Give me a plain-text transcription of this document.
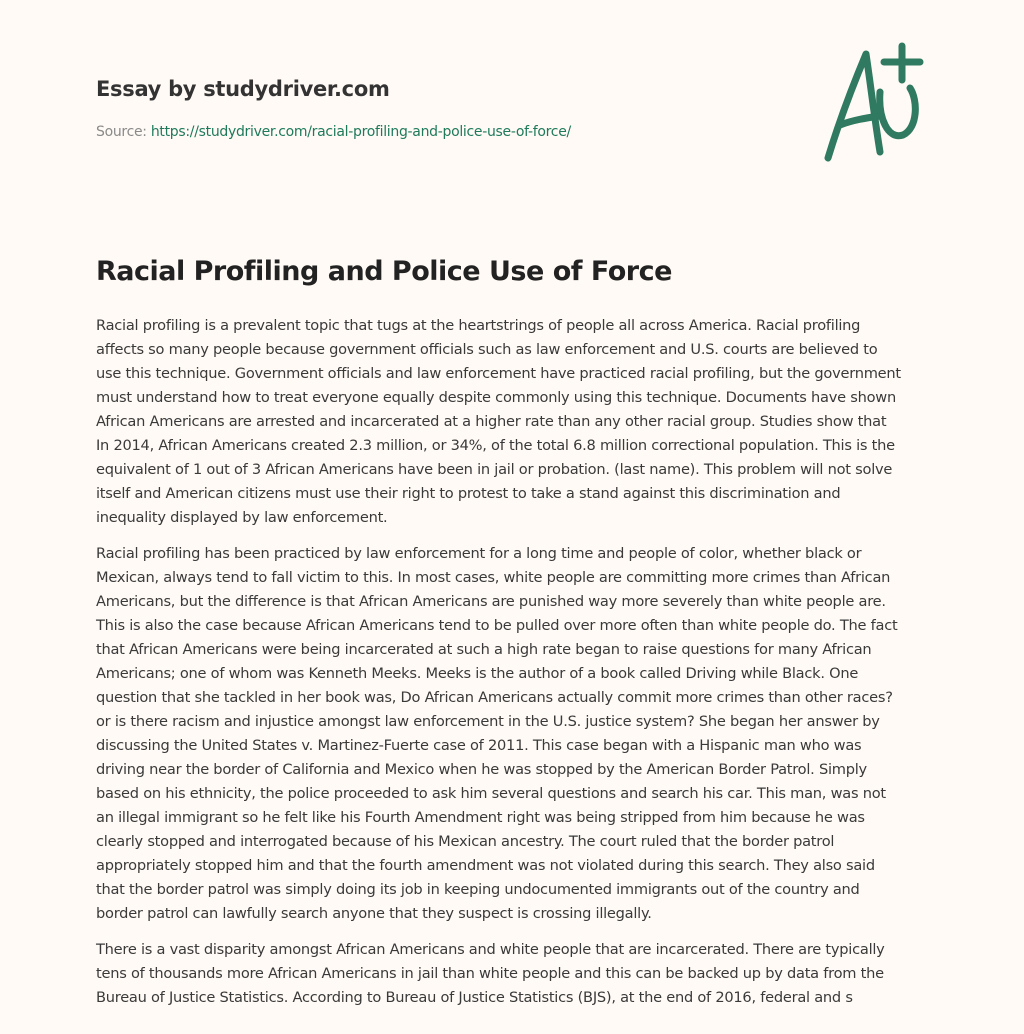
Essay by studydriver.com
Source: https://studydriver.com/racial-profiling-and-police-use-of-force/
Racial Profiling and Police Use of Force

Racial profiling is a prevalent topic that tugs at the heartstrings of people all across America. Racial profiling
affects so many people because government officials such as law enforcement and U.S. courts are believed to
use this technique. Government officials and law enforcement have practiced racial profiling, but the government
must understand how to treat everyone equally despite commonly using this technique. Documents have shown
African Americans are arrested and incarcerated at a higher rate than any other racial group. Studies show that
In 2014, African Americans created 2.3 million, or 34%, of the total 6.8 million correctional population. This is the
equivalent of 1 out of 3 African Americans have been in jail or probation. (last name). This problem will not solve
itself and American citizens must use their right to protest to take a stand against this discrimination and
inequality displayed by law enforcement.

Racial profiling has been practiced by law enforcement for a long time and people of color, whether black or
Mexican, always tend to fall victim to this. In most cases, white people are committing more crimes than African
Americans, but the difference is that African Americans are punished way more severely than white people are.
This is also the case because African Americans tend to be pulled over more often than white people do. The fact
that African Americans were being incarcerated at such a high rate began to raise questions for many African
Americans; one of whom was Kenneth Meeks. Meeks is the author of a book called Driving while Black. One
question that she tackled in her book was, Do African Americans actually commit more crimes than other races?
or is there racism and injustice amongst law enforcement in the U.S. justice system? She began her answer by
discussing the United States v. Martinez-Fuerte case of 2011. This case began with a Hispanic man who was
driving near the border of California and Mexico when he was stopped by the American Border Patrol. Simply
based on his ethnicity, the police proceeded to ask him several questions and search his car. This man, was not
an illegal immigrant so he felt like his Fourth Amendment right was being stripped from him because he was
clearly stopped and interrogated because of his Mexican ancestry. The court ruled that the border patrol
appropriately stopped him and that the fourth amendment was not violated during this search. They also said
that the border patrol was simply doing its job in keeping undocumented immigrants out of the country and
border patrol can lawfully search anyone that they suspect is crossing illegally.

There is a vast disparity amongst African Americans and white people that are incarcerated. There are typically
tens of thousands more African Americans in jail than white people and this can be backed up by data from the
Bureau of Justice Statistics. According to Bureau of Justice Statistics (BJS), at the end of 2016, federal and s
